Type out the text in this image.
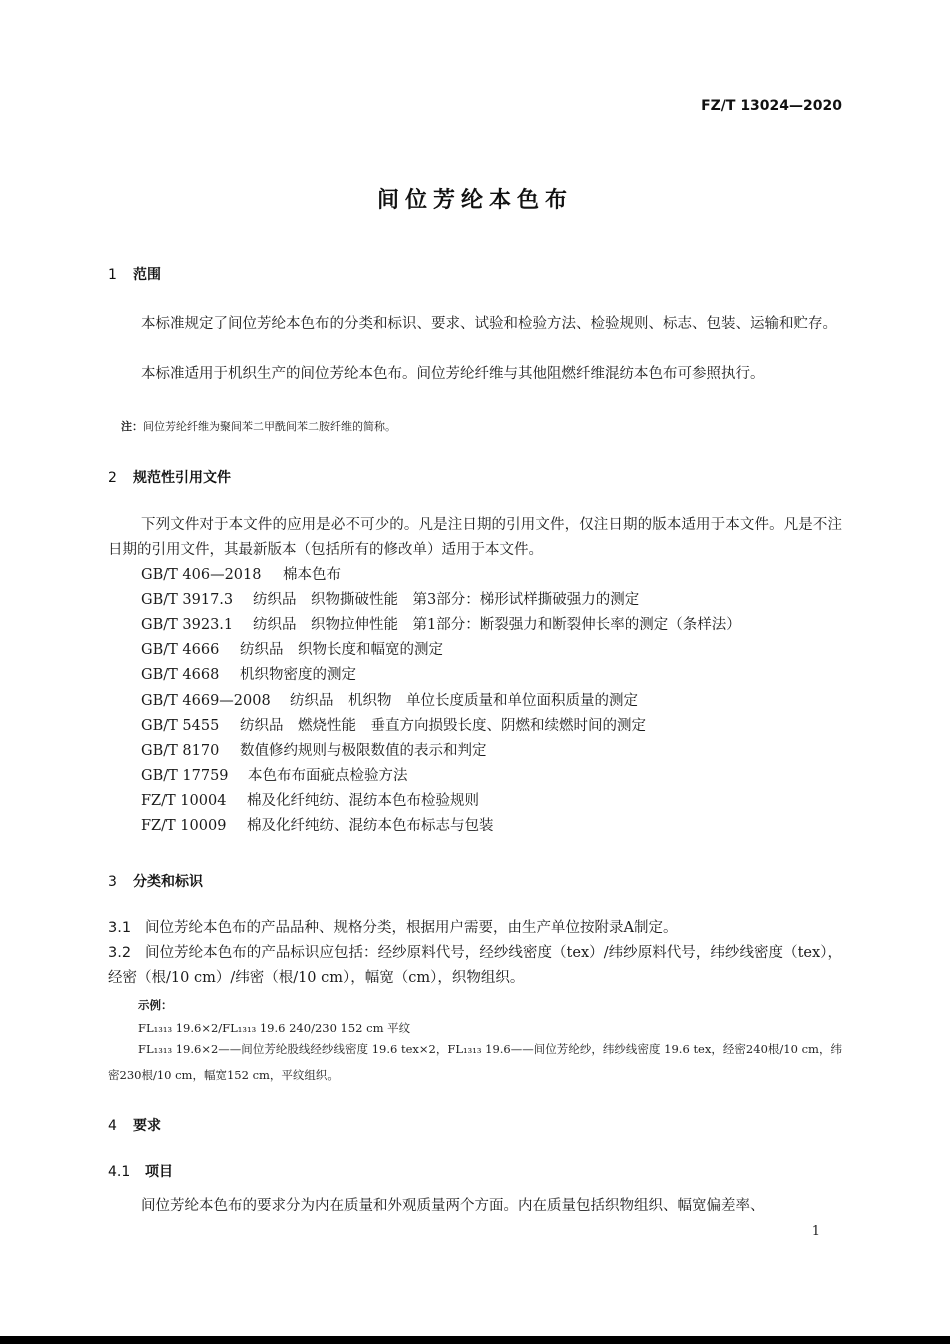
FZ/T 13024—2020
间位芳纶本色布
1 范围
本标准规定了间位芳纶本色布的分类和标识、要求、试验和检验方法、检验规则、标志、包装、运输和贮存。
本标准适用于机织生产的间位芳纶本色布。间位芳纶纤维与其他阻燃纤维混纺本色布可参照执行。
注：间位芳纶纤维为聚间苯二甲酰间苯二胺纤维的简称。
2 规范性引用文件
下列文件对于本文件的应用是必不可少的。凡是注日期的引用文件，仅注日期的版本适用于本文件。凡是不注日期的引用文件，其最新版本（包括所有的修改单）适用于本文件。
GB/T 406—2018 棉本色布
GB/T 3917.3 纺织品　织物撕破性能　第3部分：梯形试样撕破强力的测定
GB/T 3923.1 纺织品　织物拉伸性能　第1部分：断裂强力和断裂伸长率的测定（条样法）
GB/T 4666 纺织品　织物长度和幅宽的测定
GB/T 4668 机织物密度的测定
GB/T 4669—2008 纺织品　机织物　单位长度质量和单位面积质量的测定
GB/T 5455 纺织品　燃烧性能　垂直方向损毁长度、阴燃和续燃时间的测定
GB/T 8170 数值修约规则与极限数值的表示和判定
GB/T 17759 本色布布面疵点检验方法
FZ/T 10004 棉及化纤纯纺、混纺本色布检验规则
FZ/T 10009 棉及化纤纯纺、混纺本色布标志与包装
3 分类和标识
3.1 间位芳纶本色布的产品品种、规格分类，根据用户需要，由生产单位按附录A制定。
3.2 间位芳纶本色布的产品标识应包括：经纱原料代号，经纱线密度（tex）/纬纱原料代号，纬纱线密度（tex），经密（根/10 cm）/纬密（根/10 cm），幅宽（cm），织物组织。
示例：
FL₁₃₁₃ 19.6×2/FL₁₃₁₃ 19.6 240/230 152 cm 平纹
FL₁₃₁₃ 19.6×2——间位芳纶股线经纱线密度 19.6 tex×2，FL₁₃₁₃ 19.6——间位芳纶纱，纬纱线密度 19.6 tex，经密240根/10 cm，纬密230根/10 cm，幅宽152 cm，平纹组织。
4 要求
4.1 项目
间位芳纶本色布的要求分为内在质量和外观质量两个方面。内在质量包括织物组织、幅宽偏差率、
1
